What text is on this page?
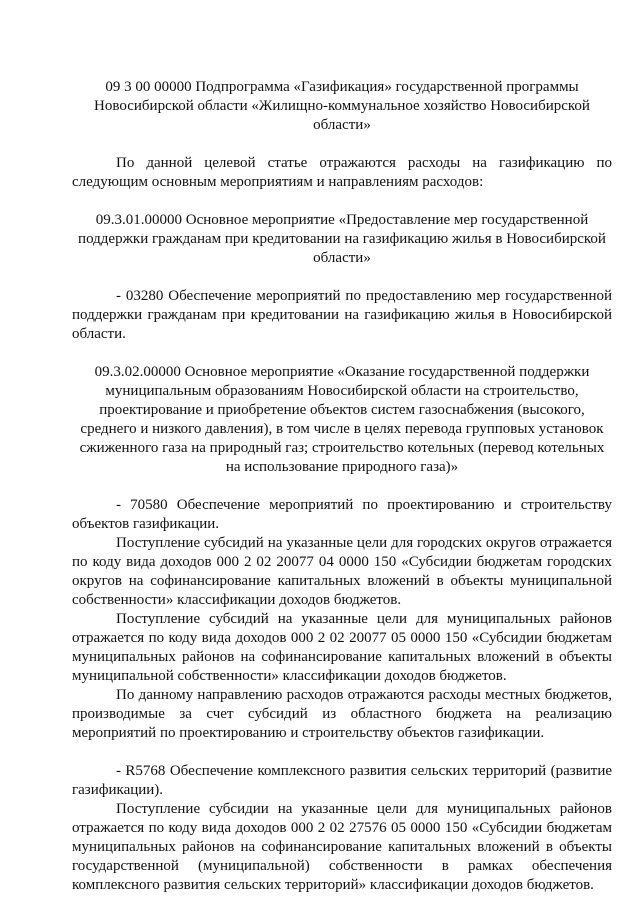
09 3 00 00000 Подпрограмма «Газификация» государственной программы Новосибирской области «Жилищно-коммунальное хозяйство Новосибирской области»

По данной целевой статье отражаются расходы на газификацию по следующим основным мероприятиям и направлениям расходов:

09.3.01.00000 Основное мероприятие «Предоставление мер государственной поддержки гражданам при кредитовании на газификацию жилья в Новосибирской области»

- 03280 Обеспечение мероприятий по предоставлению мер государственной поддержки гражданам при кредитовании на газификацию жилья в Новосибирской области.

09.3.02.00000 Основное мероприятие «Оказание государственной поддержки муниципальным образованиям Новосибирской области на строительство, проектирование и приобретение объектов систем газоснабжения (высокого, среднего и низкого давления), в том числе в целях перевода групповых установок сжиженного газа на природный газ; строительство котельных (перевод котельных на использование природного газа)»

- 70580 Обеспечение мероприятий по проектированию и строительству объектов газификации.

Поступление субсидий на указанные цели для городских округов отражается по коду вида доходов 000 2 02 20077 04 0000 150 «Субсидии бюджетам городских округов на софинансирование капитальных вложений в объекты муниципальной собственности» классификации доходов бюджетов.

Поступление субсидий на указанные цели для муниципальных районов отражается по коду вида доходов 000 2 02 20077 05 0000 150 «Субсидии бюджетам муниципальных районов на софинансирование капитальных вложений в объекты муниципальной собственности» классификации доходов бюджетов.

По данному направлению расходов отражаются расходы местных бюджетов, производимые за счет субсидий из областного бюджета на реализацию мероприятий по проектированию и строительству объектов газификации.

- R5768 Обеспечение комплексного развития сельских территорий (развитие газификации).

Поступление субсидии на указанные цели для муниципальных районов отражается по коду вида доходов 000 2 02 27576 05 0000 150 «Субсидии бюджетам муниципальных районов на софинансирование капитальных вложений в объекты государственной (муниципальной) собственности в рамках обеспечения комплексного развития сельских территорий» классификации доходов бюджетов.
